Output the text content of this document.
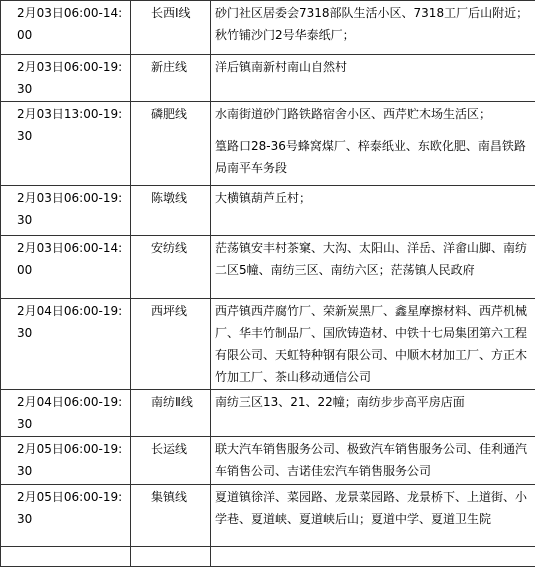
2月03日06:00-14:00	长西Ⅰ线	砂门社区居委会7318部队生活小区、7318工厂后山附近；秋竹铺沙门2号华泰纸厂；
2月03日06:00-19:30	新庄线	洋后镇南新村南山自然村
2月03日13:00-19:30	磷肥线	水南街道砂门路铁路宿舍小区、西芹贮木场生活区；
篁路口28-36号蜂窝煤厂、梓泰纸业、东欧化肥、南昌铁路局南平车务段
2月03日06:00-19:30	陈墩线	大横镇葫芦丘村；
2月03日06:00-14:00	安纺线	茫荡镇安丰村茶窠、大沟、太阳山、洋岳、洋畲山脚、南纺二区5幢、南纺三区、南纺六区；茫荡镇人民政府
2月04日06:00-19:30	西坪线	西芹镇西芹腐竹厂、荣新炭黑厂、鑫星摩擦材料、西芹机械厂、华丰竹制品厂、国欣铸造材、中铁十七局集团第六工程有限公司、天虹特种钢有限公司、中顺木材加工厂、方正木竹加工厂、茶山移动通信公司
2月04日06:00-19:30	南纺Ⅱ线	南纺三区13、21、22幢；南纺步步高平房店面
2月05日06:00-19:30	长运线	联大汽车销售服务公司、极致汽车销售服务公司、佳利通汽车销售公司、吉诺佳宏汽车销售服务公司
2月05日06:00-19:30	集镇线	夏道镇徐洋、菜园路、龙景菜园路、龙景桥下、上道街、小学巷、夏道峡、夏道峡后山；夏道中学、夏道卫生院
